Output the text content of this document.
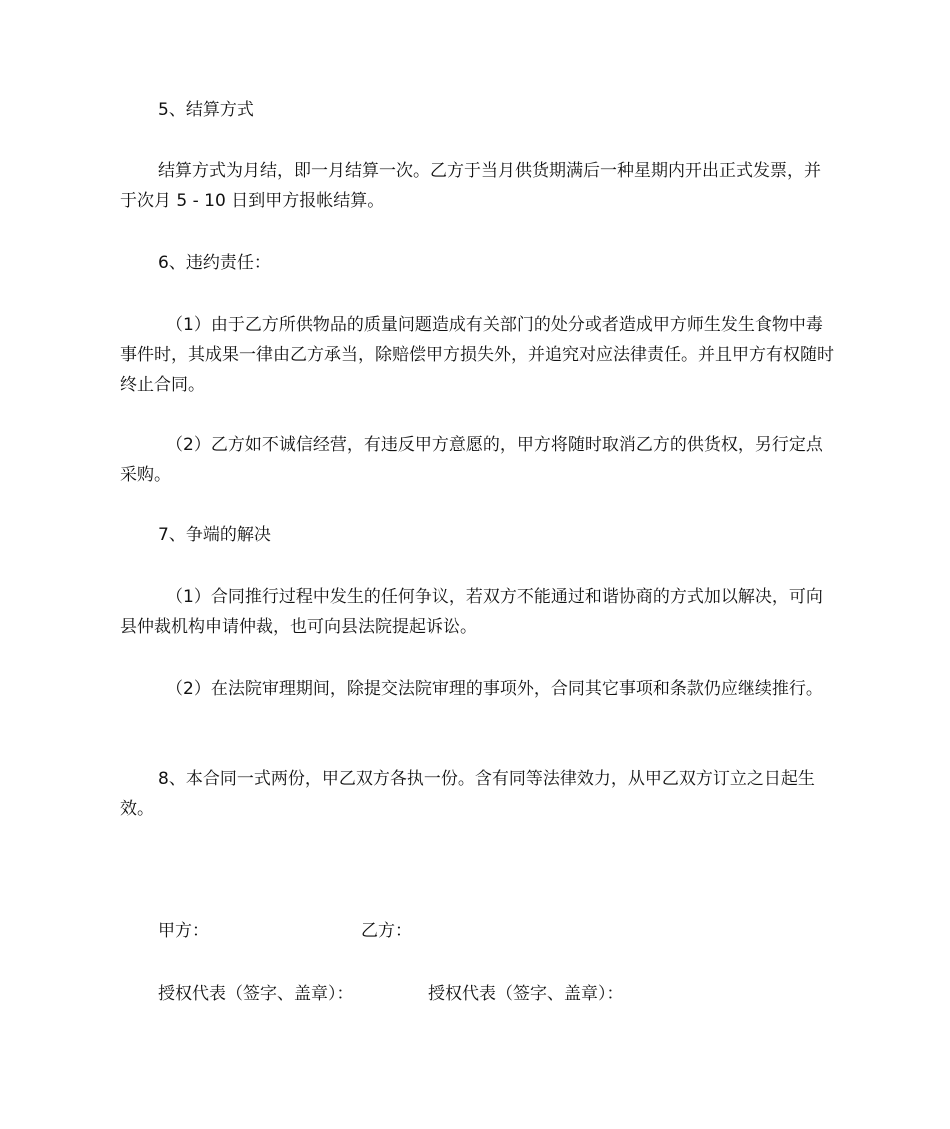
5、结算方式

结算方式为月结，即一月结算一次。乙方于当月供货期满后一种星期内开出正式发票，并于次月 5 - 10 日到甲方报帐结算。

6、违约责任：

（1）由于乙方所供物品的质量问题造成有关部门的处分或者造成甲方师生发生食物中毒事件时，其成果一律由乙方承当，除赔偿甲方损失外，并追究对应法律责任。并且甲方有权随时终止合同。

（2）乙方如不诚信经营，有违反甲方意愿的，甲方将随时取消乙方的供货权，另行定点采购。

7、争端的解决

（1）合同推行过程中发生的任何争议，若双方不能通过和谐协商的方式加以解决，可向县仲裁机构申请仲裁，也可向县法院提起诉讼。

（2）在法院审理期间，除提交法院审理的事项外，合同其它事项和条款仍应继续推行。

8、本合同一式两份，甲乙双方各执一份。含有同等法律效力，从甲乙双方订立之日起生效。

甲方：	乙方：
授权代表（签字、盖章）：	授权代表（签字、盖章）：
